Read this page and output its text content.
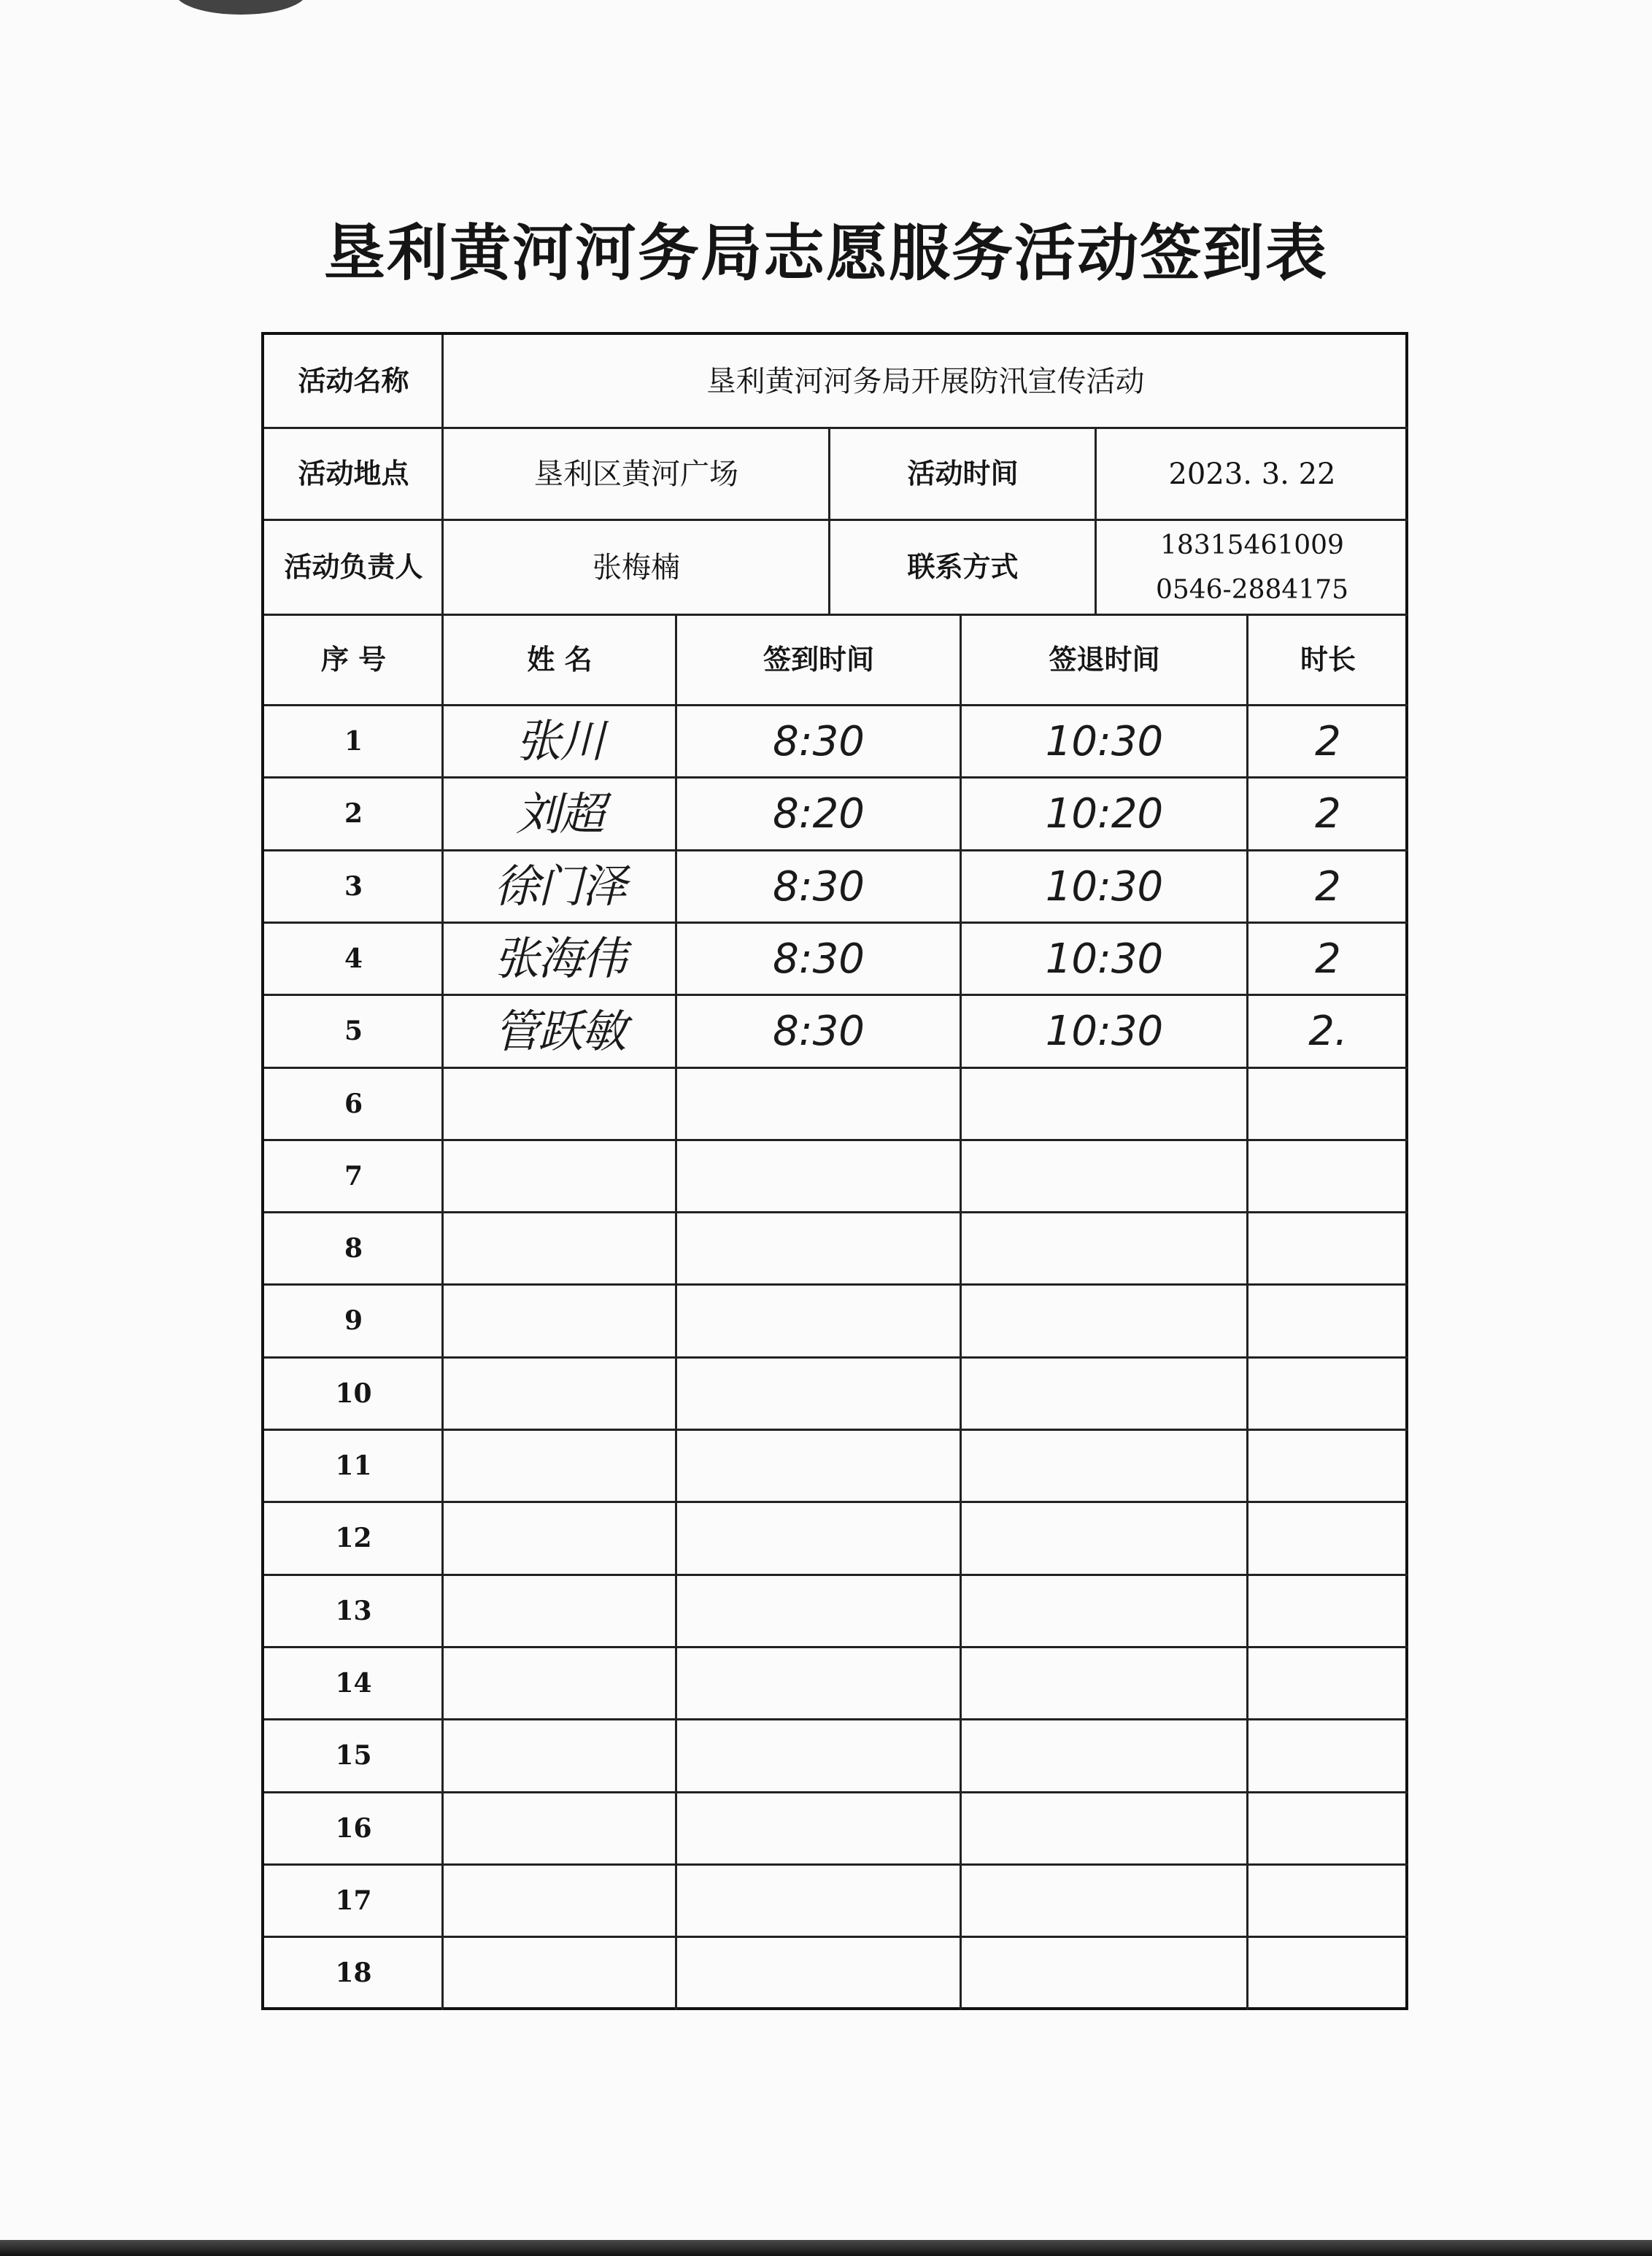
垦利黄河河务局志愿服务活动签到表
活动名称	垦利黄河河务局开展防汛宣传活动
活动地点	垦利区黄河广场	活动时间	2023. 3. 22
活动负责人	张梅楠	联系方式
18315461009
0546-2884175
序 号	姓 名	签到时间	签退时间	时长
1	张川	8:30	10:30	2
2	刘超	8:20	10:20	2
3	徐门泽	8:30	10:30	2
4	张海伟	8:30	10:30	2
5	管跃敏	8:30	10:30	2.
6
7
8
9
10
11
12
13
14
15
16
17
18
